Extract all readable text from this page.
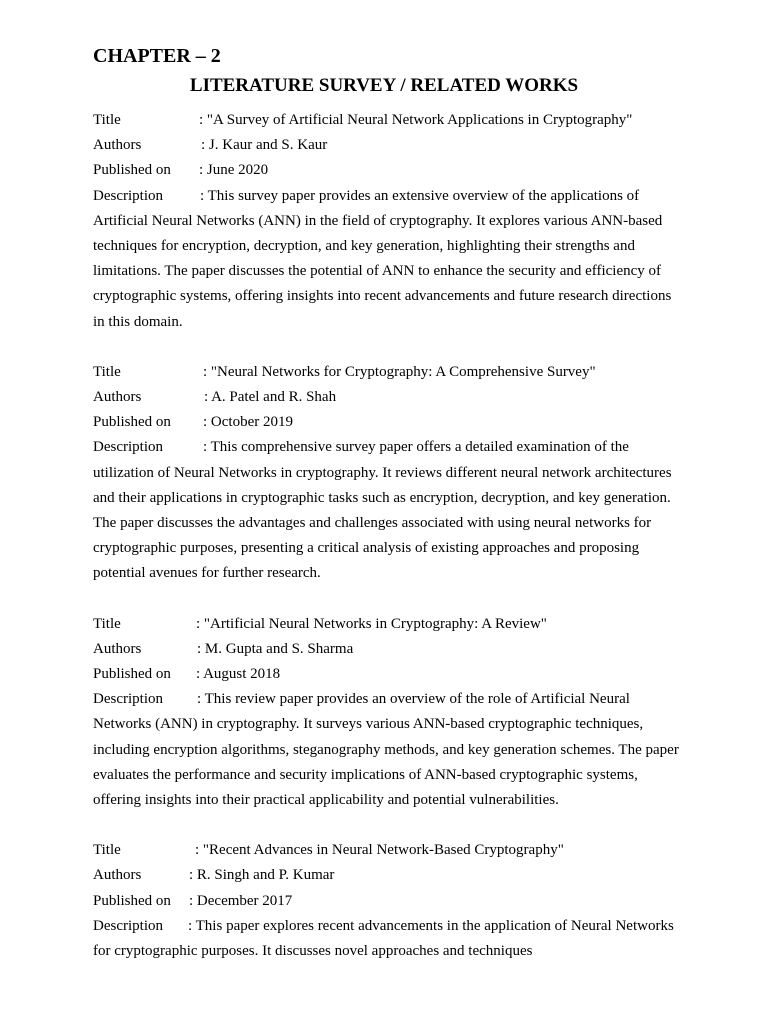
CHAPTER – 2
LITERATURE SURVEY / RELATED WORKS
Title	: "A Survey of Artificial Neural Network Applications in Cryptography"
Authors	: J. Kaur and S. Kaur
Published on	: June 2020

Description : This survey paper provides an extensive overview of the applications of Artificial Neural Networks (ANN) in the field of cryptography. It explores various ANN-based techniques for encryption, decryption, and key generation, highlighting their strengths and limitations. The paper discusses the potential of ANN to enhance the security and efficiency of cryptographic systems, offering insights into recent advancements and future research directions in this domain.

Title	: "Neural Networks for Cryptography: A Comprehensive Survey"
Authors	: A. Patel and R. Shah
Published on	: October 2019

Description	: This comprehensive survey paper offers a detailed examination of the utilization of Neural Networks in cryptography. It reviews different neural network architectures and their applications in cryptographic tasks such as encryption, decryption, and key generation. The paper discusses the advantages and challenges associated with using neural networks for cryptographic purposes, presenting a critical analysis of existing approaches and proposing potential avenues for further research.

Title	: "Artificial Neural Networks in Cryptography: A Review"
Authors	: M. Gupta and S. Sharma
Published on	: August 2018

Description : This review paper provides an overview of the role of Artificial Neural Networks (ANN) in cryptography. It surveys various ANN-based cryptographic techniques, including encryption algorithms, steganography methods, and key generation schemes. The paper evaluates the performance and security implications of ANN-based cryptographic systems, offering insights into their practical applicability and potential vulnerabilities.

Title	: "Recent Advances in Neural Network-Based Cryptography"
Authors	: R. Singh and P. Kumar
Published on	: December 2017

Description : This paper explores recent advancements in the application of Neural Networks for cryptographic purposes. It discusses novel approaches and techniques
